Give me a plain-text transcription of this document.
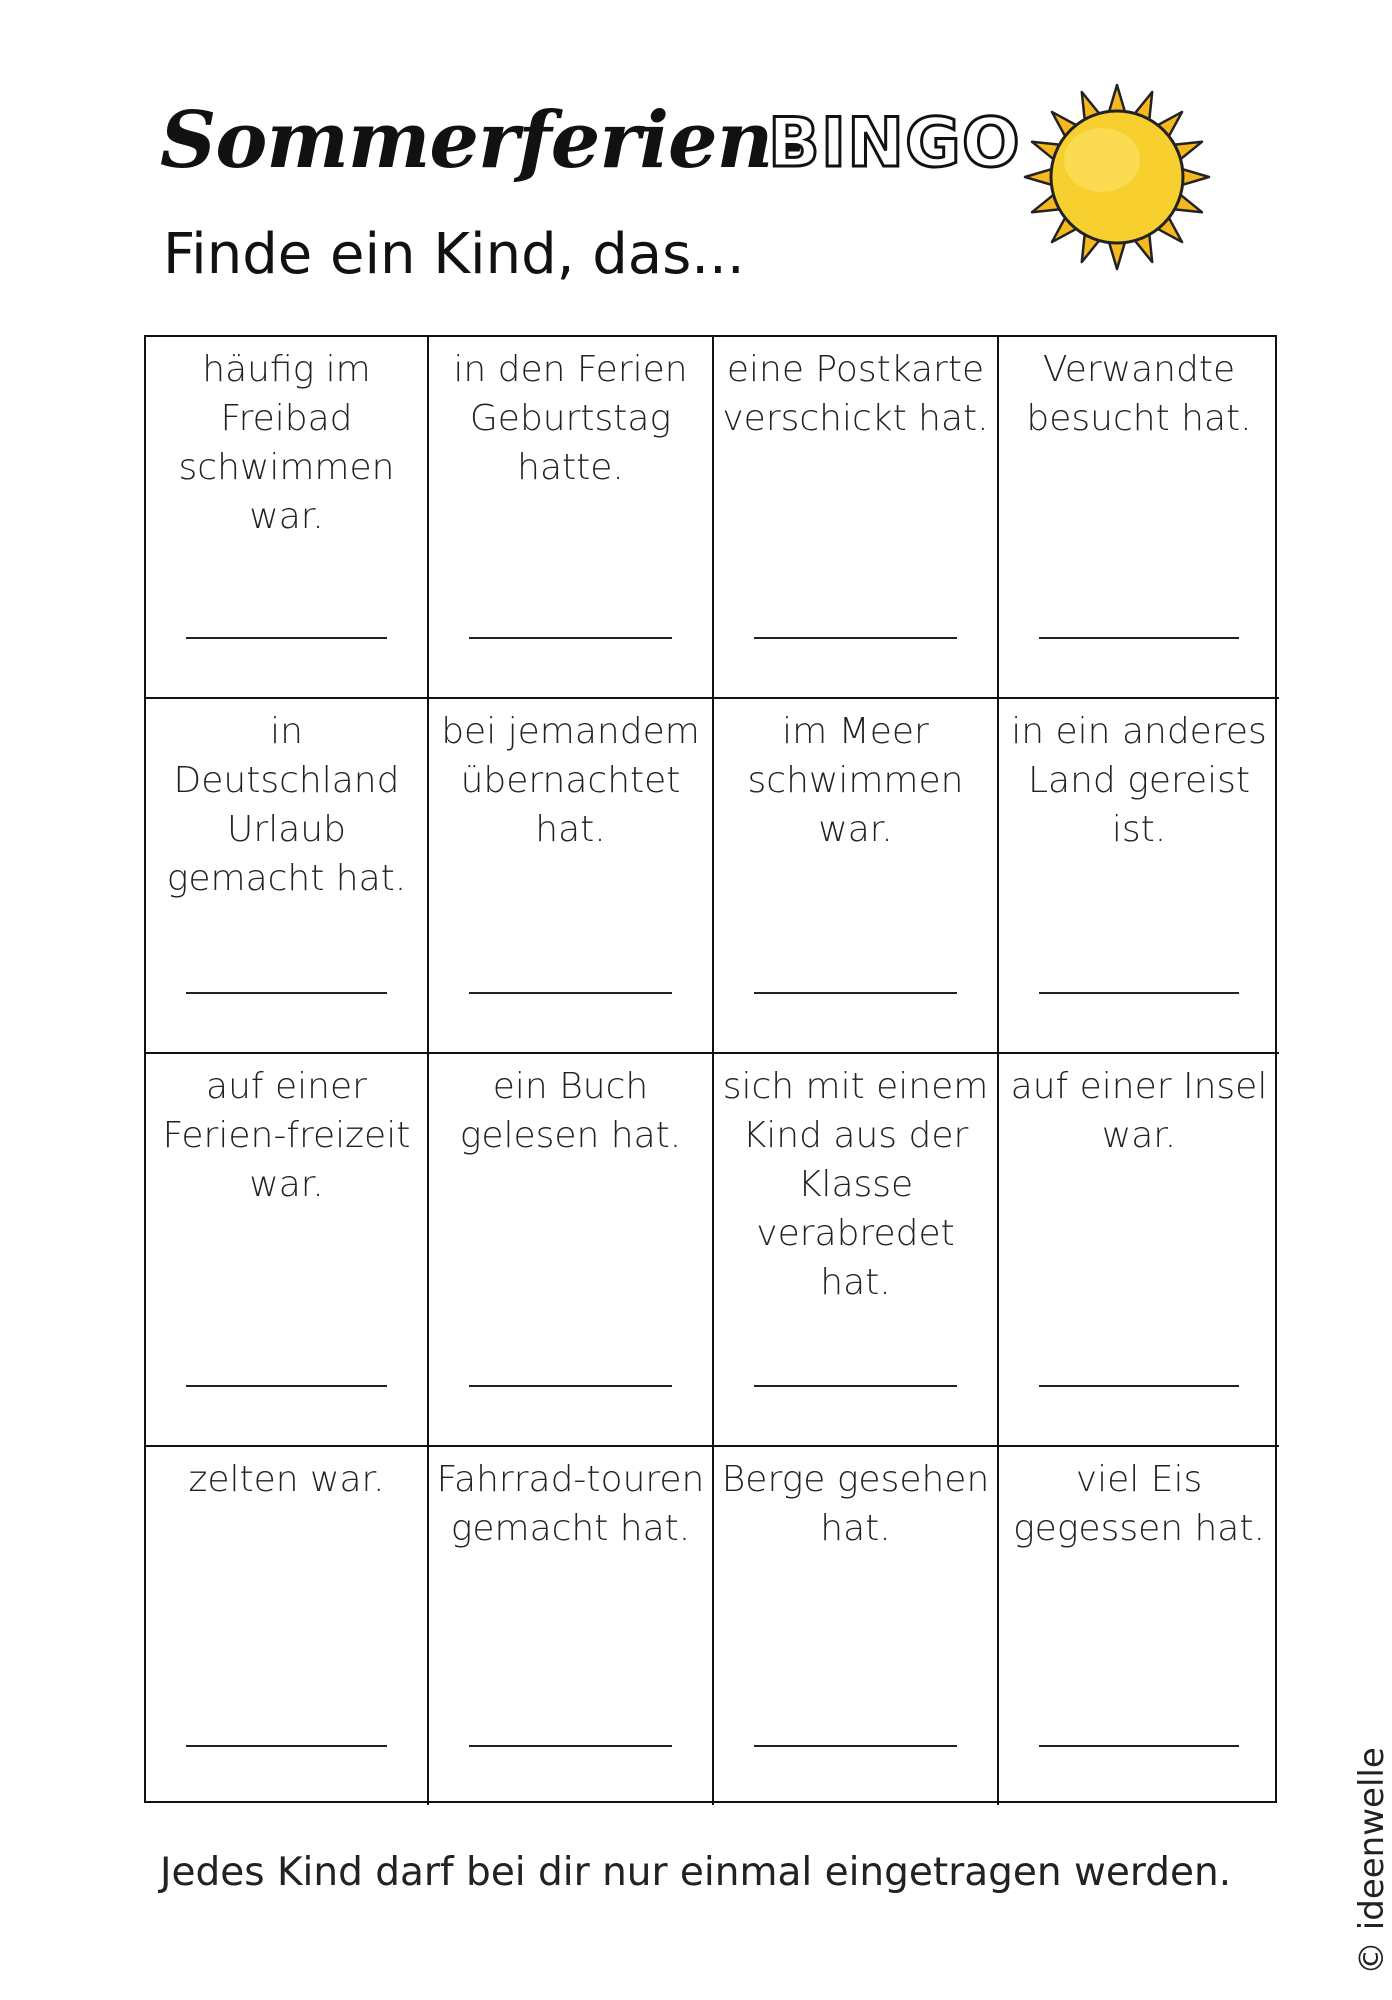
Sommerferien-
BINGO
Finde ein Kind, das...
häufig im Freibad schwimmen war.
in den Ferien Geburtstag hatte.
eine Postkarte verschickt hat.
Verwandte besucht hat.
in Deutschland Urlaub gemacht hat.
bei jemandem übernachtet hat.
im Meer schwimmen war.
in ein anderes Land gereist ist.
auf einer Ferien-freizeit war.
ein Buch gelesen hat.
sich mit einem Kind aus der Klasse verabredet hat.
auf einer Insel war.
zelten war.	Fahrrad-touren gemacht hat.
Berge gesehen hat.
viel Eis gegessen hat.
Jedes Kind darf bei dir nur einmal eingetragen werden.	© ideenwelle
